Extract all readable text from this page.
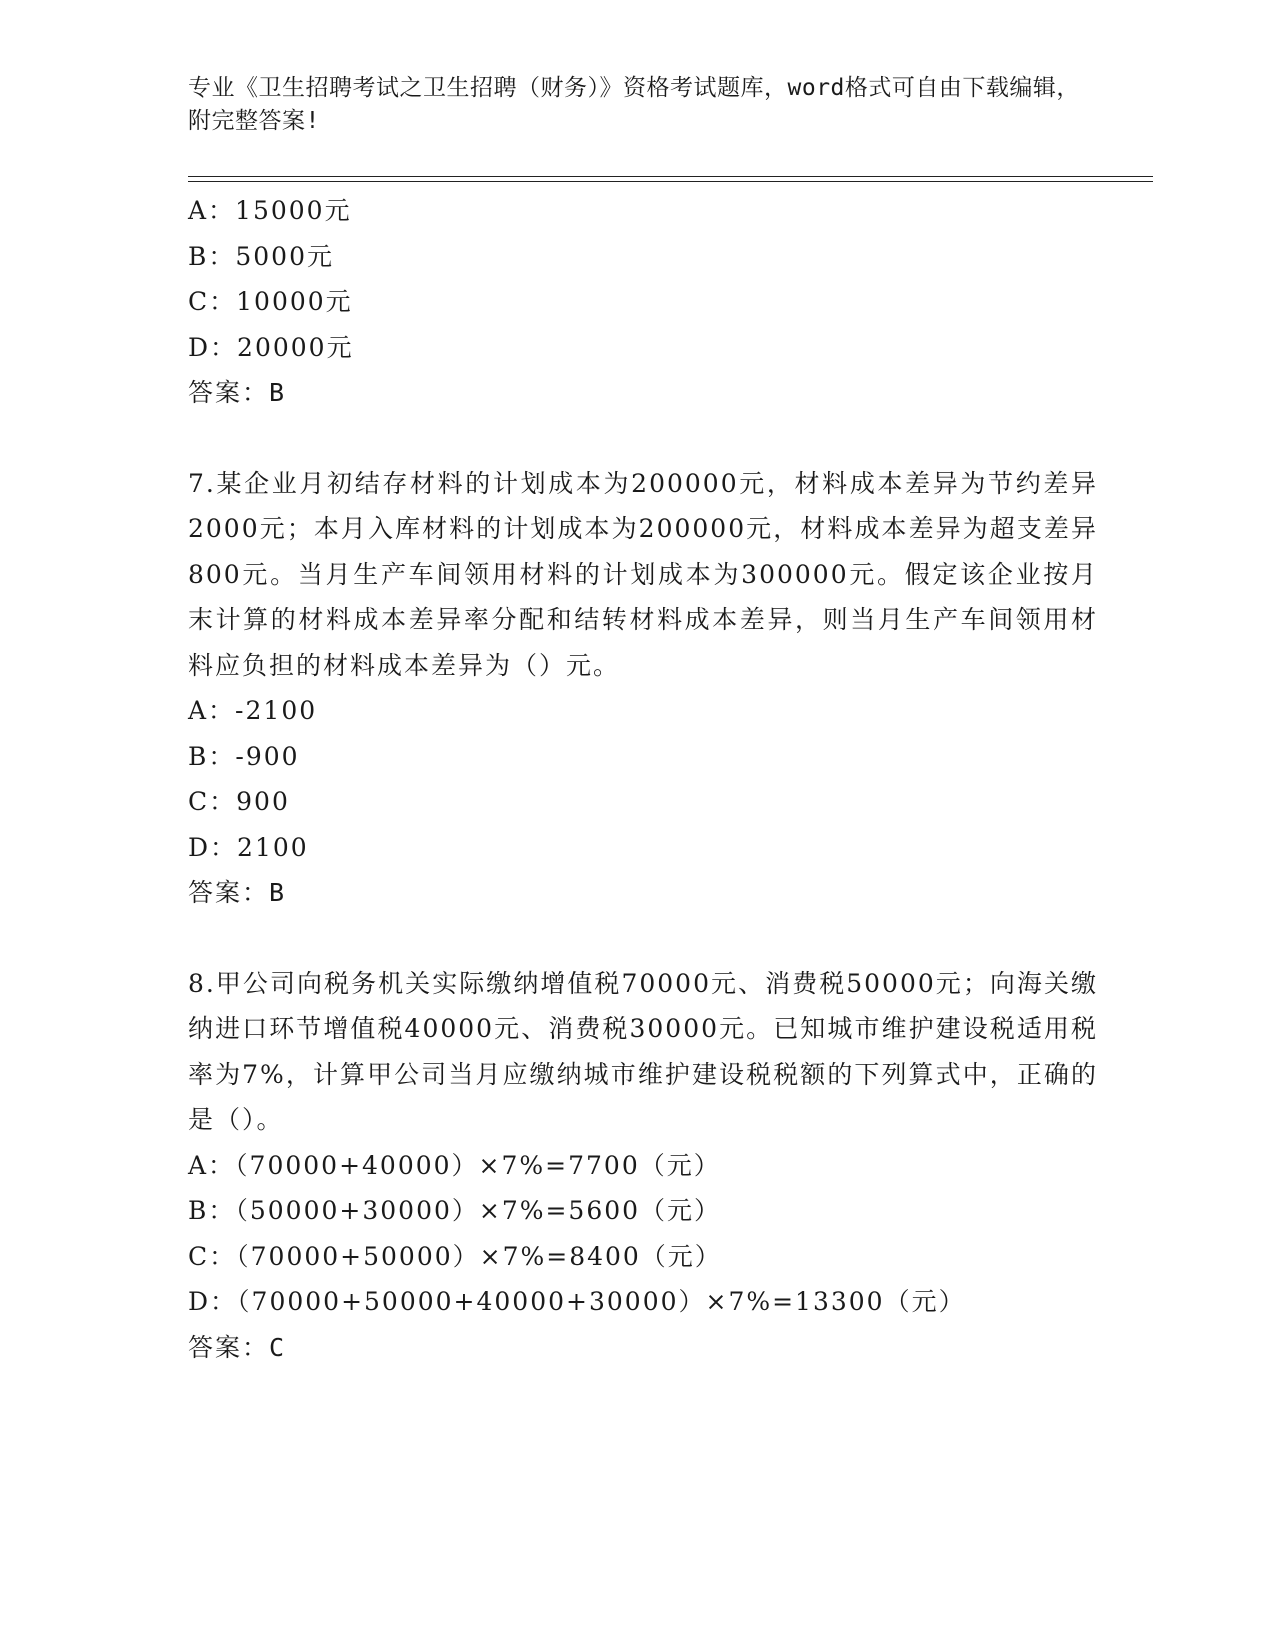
专业《卫生招聘考试之卫生招聘（财务）》资格考试题库，word格式可自由下载编辑，附完整答案!
A：15000元
B：5000元
C：10000元
D：20000元
答案：B
7.某企业月初结存材料的计划成本为200000元，材料成本差异为节约差异2000元；本月入库材料的计划成本为200000元，材料成本差异为超支差异800元。当月生产车间领用材料的计划成本为300000元。假定该企业按月末计算的材料成本差异率分配和结转材料成本差异，则当月生产车间领用材料应负担的材料成本差异为（）元。
A：-2100
B：-900
C：900
D：2100
答案：B
8.甲公司向税务机关实际缴纳增值税70000元、消费税50000元；向海关缴纳进口环节增值税40000元、消费税30000元。已知城市维护建设税适用税率为7%，计算甲公司当月应缴纳城市维护建设税税额的下列算式中，正确的是（）。
A：（70000+40000）×7%=7700（元）
B：（50000+30000）×7%=5600（元）
C：（70000+50000）×7%=8400（元）
D：（70000+50000+40000+30000）×7%=13300（元）
答案：C
